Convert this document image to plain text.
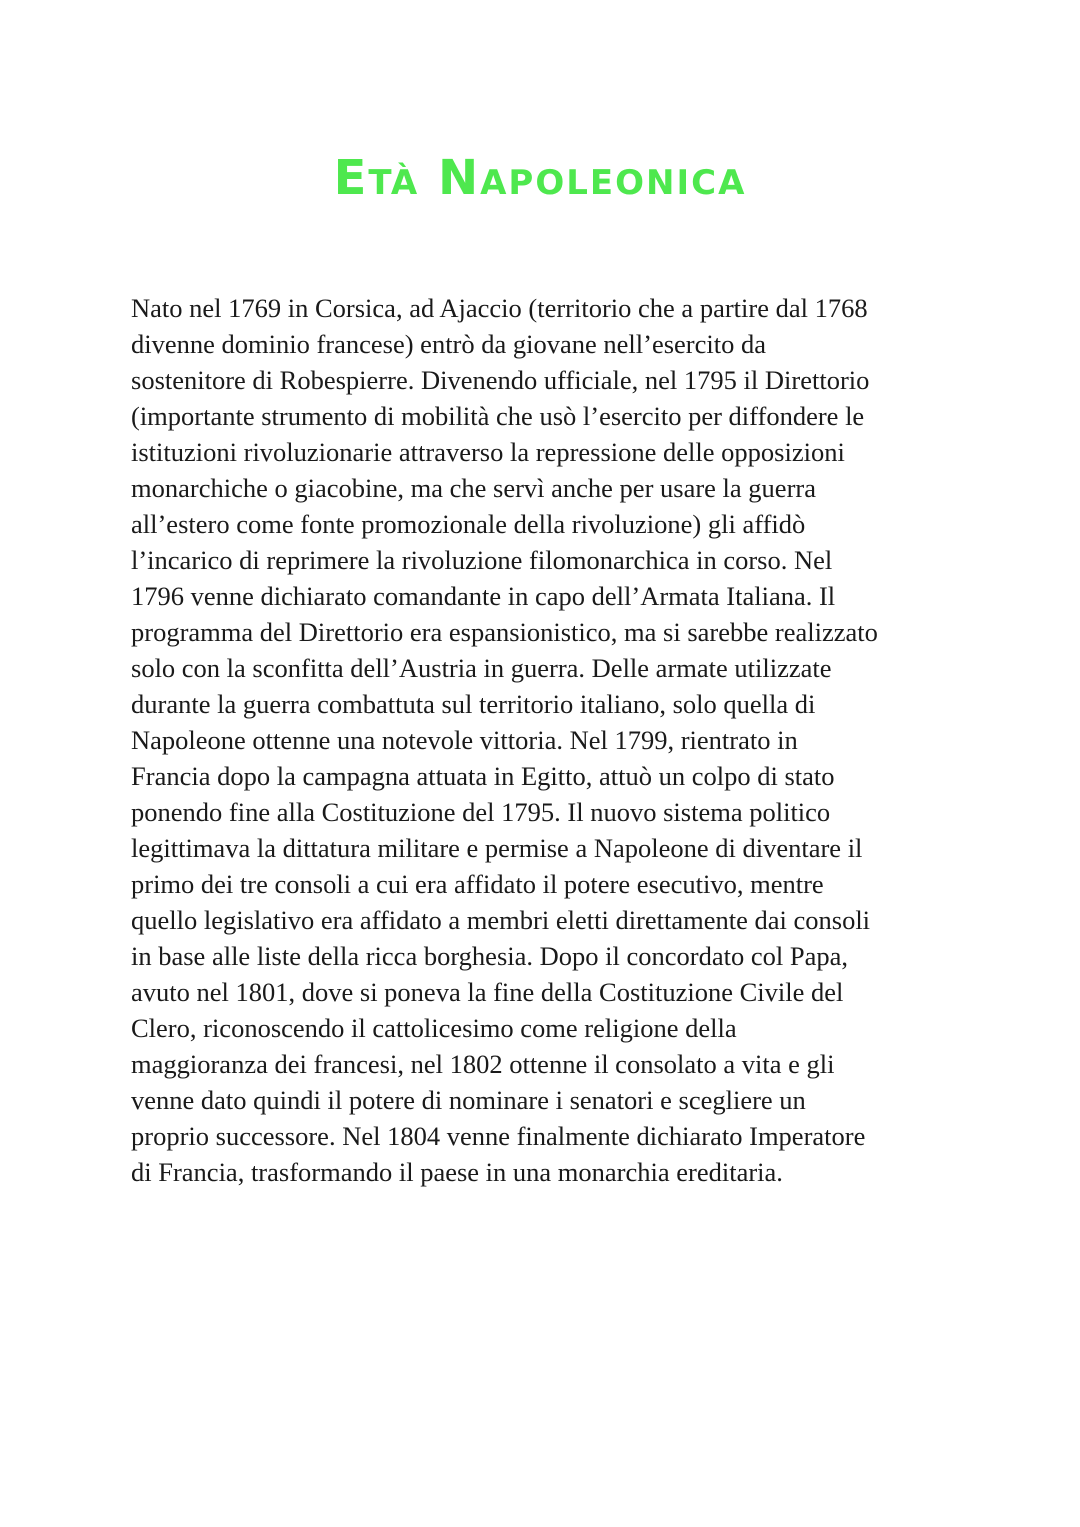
Età Napoleonica

Nato nel 1769 in Corsica, ad Ajaccio (territorio che a partire dal 1768
divenne dominio francese) entrò da giovane nell’esercito da
sostenitore di Robespierre. Divenendo ufficiale, nel 1795 il Direttorio
(importante strumento di mobilità che usò l’esercito per diffondere le
istituzioni rivoluzionarie attraverso la repressione delle opposizioni
monarchiche o giacobine, ma che servì anche per usare la guerra
all’estero come fonte promozionale della rivoluzione) gli affidò
l’incarico di reprimere la rivoluzione filomonarchica in corso. Nel
1796 venne dichiarato comandante in capo dell’Armata Italiana. Il
programma del Direttorio era espansionistico, ma si sarebbe realizzato
solo con la sconfitta dell’Austria in guerra. Delle armate utilizzate
durante la guerra combattuta sul territorio italiano, solo quella di
Napoleone ottenne una notevole vittoria. Nel 1799, rientrato in
Francia dopo la campagna attuata in Egitto, attuò un colpo di stato
ponendo fine alla Costituzione del 1795. Il nuovo sistema politico
legittimava la dittatura militare e permise a Napoleone di diventare il
primo dei tre consoli a cui era affidato il potere esecutivo, mentre
quello legislativo era affidato a membri eletti direttamente dai consoli
in base alle liste della ricca borghesia. Dopo il concordato col Papa,
avuto nel 1801, dove si poneva la fine della Costituzione Civile del
Clero, riconoscendo il cattolicesimo come religione della
maggioranza dei francesi, nel 1802 ottenne il consolato a vita e gli
venne dato quindi il potere di nominare i senatori e scegliere un
proprio successore. Nel 1804 venne finalmente dichiarato Imperatore
di Francia, trasformando il paese in una monarchia ereditaria.
